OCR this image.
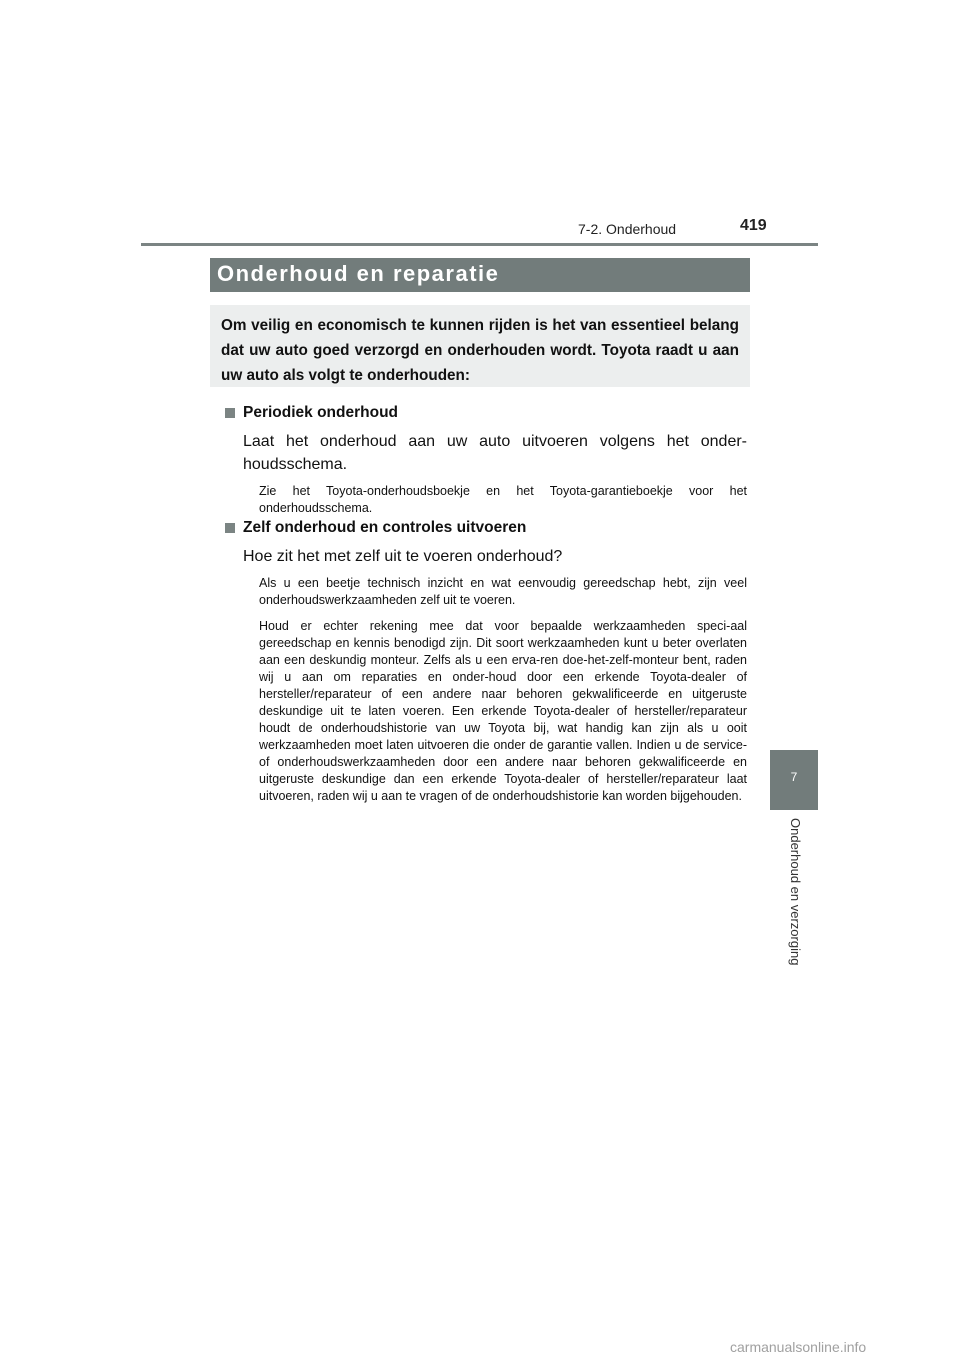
7-2. Onderhoud	419
Onderhoud en reparatie
Om veilig en economisch te kunnen rijden is het van essentieel belang dat uw auto goed verzorgd en onderhouden wordt. Toyota raadt u aan uw auto als volgt te onderhouden:
Periodiek onderhoud
Laat het onderhoud aan uw auto uitvoeren volgens het onder-houdsschema.
Zie het Toyota-onderhoudsboekje en het Toyota-garantieboekje voor het onderhoudsschema.
Zelf onderhoud en controles uitvoeren
Hoe zit het met zelf uit te voeren onderhoud?
Als u een beetje technisch inzicht en wat eenvoudig gereedschap hebt, zijn veel onderhoudswerkzaamheden zelf uit te voeren.
Houd er echter rekening mee dat voor bepaalde werkzaamheden speci-aal gereedschap en kennis benodigd zijn. Dit soort werkzaamheden kunt u beter overlaten aan een deskundig monteur. Zelfs als u een erva-ren doe-het-zelf-monteur bent, raden wij u aan om reparaties en onder-houd door een erkende Toyota-dealer of hersteller/reparateur of een andere naar behoren gekwalificeerde en uitgeruste deskundige uit te laten voeren. Een erkende Toyota-dealer of hersteller/reparateur houdt de onderhoudshistorie van uw Toyota bij, wat handig kan zijn als u ooit werkzaamheden moet laten uitvoeren die onder de garantie vallen. Indien u de service- of onderhoudswerkzaamheden door een andere naar behoren gekwalificeerde en uitgeruste deskundige dan een erkende Toyota-dealer of hersteller/reparateur laat uitvoeren, raden wij u aan te vragen of de onderhoudshistorie kan worden bijgehouden.
7
Onderhoud en verzorging
carmanualsonline.info
